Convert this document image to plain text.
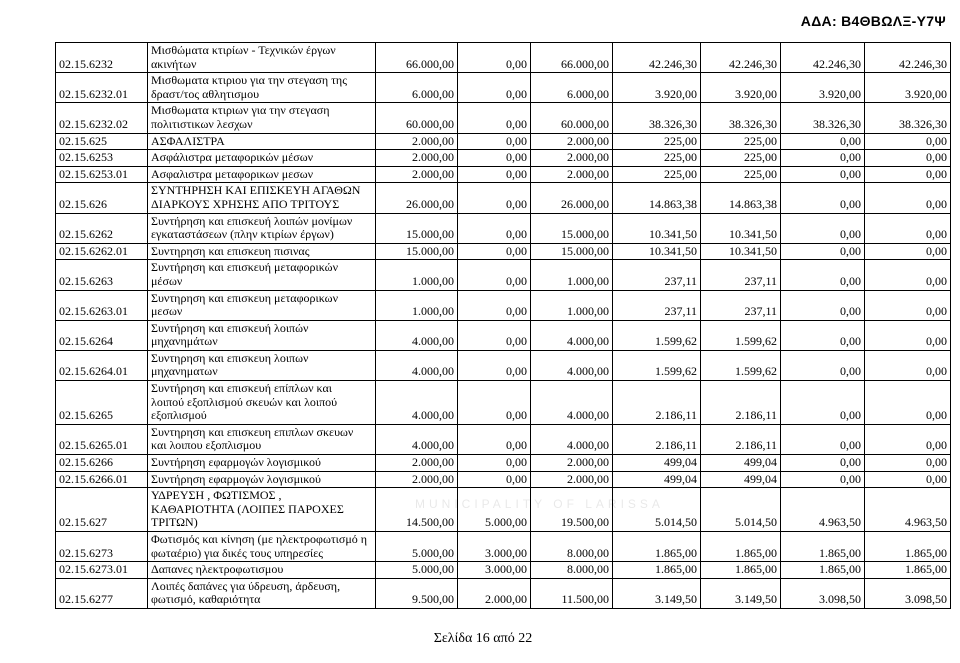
ΑΔΑ: Β4ΘΒΩΛΞ-Υ7Ψ
MUNICIPALITY OF LARISSA
02.15.6232	Μισθώματα κτιρίων - Τεχνικών έργων
ακινήτων	66.000,00	0,00	66.000,00	42.246,30	42.246,30	42.246,30	42.246,30
02.15.6232.01	Μισθωματα κτιριου για την στεγαση της
δραστ/τος αθλητισμου	6.000,00	0,00	6.000,00	3.920,00	3.920,00	3.920,00	3.920,00
02.15.6232.02	Μισθωματα κτιριων για την στεγαση
πολιτιστικων λεσχων	60.000,00	0,00	60.000,00	38.326,30	38.326,30	38.326,30	38.326,30
02.15.625	ΑΣΦΑΛΙΣΤΡΑ	2.000,00	0,00	2.000,00	225,00	225,00	0,00	0,00
02.15.6253	Ασφάλιστρα μεταφορικών μέσων	2.000,00	0,00	2.000,00	225,00	225,00	0,00	0,00
02.15.6253.01	Ασφαλιστρα μεταφορικων μεσων	2.000,00	0,00	2.000,00	225,00	225,00	0,00	0,00
02.15.626	ΣΥΝΤΗΡΗΣΗ ΚΑΙ ΕΠΙΣΚΕΥΗ ΑΓΑΘΩΝ
ΔΙΑΡΚΟΥΣ ΧΡΗΣΗΣ ΑΠΟ ΤΡΙΤΟΥΣ	26.000,00	0,00	26.000,00	14.863,38	14.863,38	0,00	0,00
02.15.6262	Συντήρηση και επισκευή λοιπών μονίμων
εγκαταστάσεων (πλην κτιρίων έργων)	15.000,00	0,00	15.000,00	10.341,50	10.341,50	0,00	0,00
02.15.6262.01	Συντηρηση και επισκευη πισινας	15.000,00	0,00	15.000,00	10.341,50	10.341,50	0,00	0,00
02.15.6263	Συντήρηση και επισκευή μεταφορικών
μέσων	1.000,00	0,00	1.000,00	237,11	237,11	0,00	0,00
02.15.6263.01	Συντηρηση και επισκευη μεταφορικων
μεσων	1.000,00	0,00	1.000,00	237,11	237,11	0,00	0,00
02.15.6264	Συντήρηση και επισκευή λοιπών
μηχανημάτων	4.000,00	0,00	4.000,00	1.599,62	1.599,62	0,00	0,00
02.15.6264.01	Συντηρηση και επισκευη λοιπων
μηχανηματων	4.000,00	0,00	4.000,00	1.599,62	1.599,62	0,00	0,00
02.15.6265	Συντήρηση και επισκευή επίπλων και
λοιπού εξοπλισμού σκευών και λοιπού
εξοπλισμού	4.000,00	0,00	4.000,00	2.186,11	2.186,11	0,00	0,00
02.15.6265.01	Συντηρηση και επισκευη επιπλων σκευων
και λοιπου εξοπλισμου	4.000,00	0,00	4.000,00	2.186,11	2.186,11	0,00	0,00
02.15.6266	Συντήρηση εφαρμογών λογισμικού	2.000,00	0,00	2.000,00	499,04	499,04	0,00	0,00
02.15.6266.01	Συντήρηση εφαρμογών λογισμικού	2.000,00	0,00	2.000,00	499,04	499,04	0,00	0,00
02.15.627	ΥΔΡΕΥΣΗ , ΦΩΤΙΣΜΟΣ ,
ΚΑΘΑΡΙΟΤΗΤΑ (ΛΟΙΠΕΣ ΠΑΡΟΧΕΣ
ΤΡΙΤΩΝ)	14.500,00	5.000,00	19.500,00	5.014,50	5.014,50	4.963,50	4.963,50
02.15.6273	Φωτισμός και κίνηση (με ηλεκτροφωτισμό η
φωταέριο) για δικές τους υπηρεσίες	5.000,00	3.000,00	8.000,00	1.865,00	1.865,00	1.865,00	1.865,00
02.15.6273.01	Δαπανες ηλεκτροφωτισμου	5.000,00	3.000,00	8.000,00	1.865,00	1.865,00	1.865,00	1.865,00
02.15.6277	Λοιπές δαπάνες για ύδρευση, άρδευση,
φωτισμό, καθαριότητα	9.500,00	2.000,00	11.500,00	3.149,50	3.149,50	3.098,50	3.098,50
Σελίδα 16 από 22
